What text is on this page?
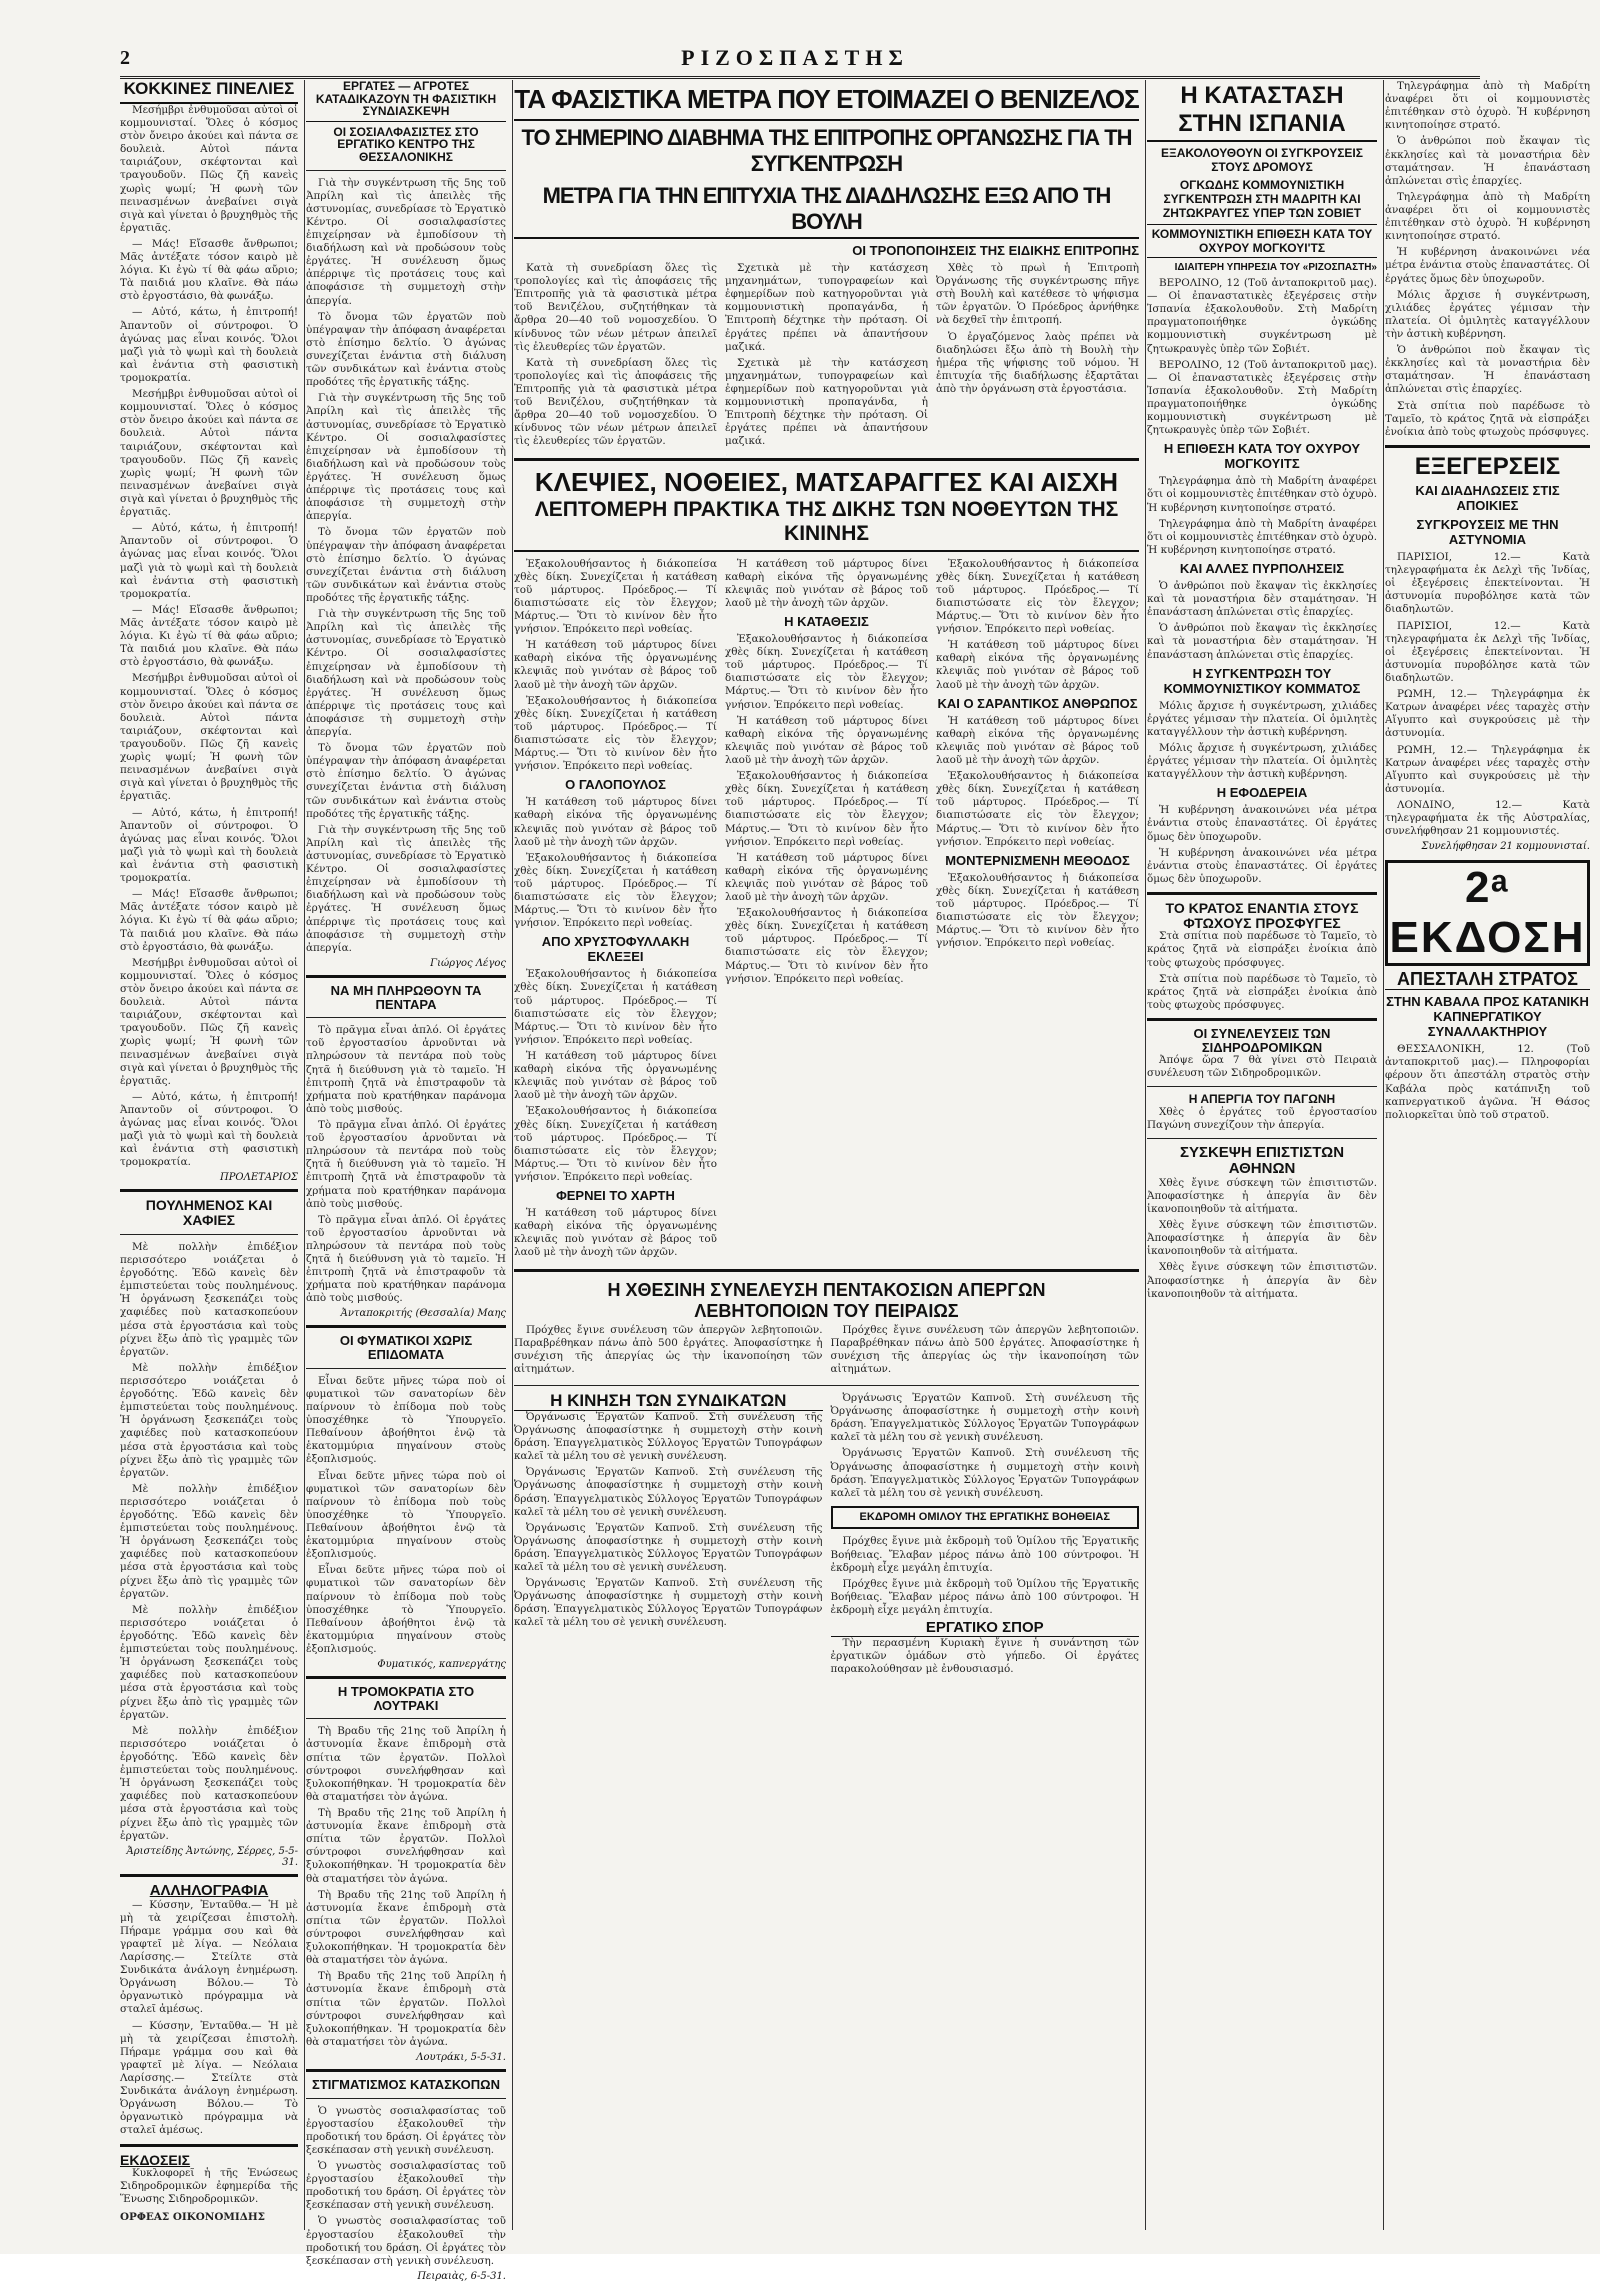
2	ΡΙΖΟΣΠΑΣΤΗΣ
ΚΟΚΚΙΝΕΣ ΠΙΝΕΛΙΕΣ

Μεσήμβρι ἐνθυμοῦσαι αὐτοὶ οἱ κομμουνισταί. Ὅλες ὁ κόσμος στὸν ὄνειρο ἀκούει καὶ πάντα σε δουλειὰ. Αὐτοὶ πάντα ταιριάζουν, σκέφτονται καὶ τραγουδοῦν. Πῶς ζῆ κανεὶς χωρὶς ψωμί; Ἡ φωνὴ τῶν πεινασμένων ἀνεβαίνει σιγὰ σιγὰ καὶ γίνεται ὁ βρυχηθμὸς τῆς ἐργατιᾶς.

— Μάς! Εἴσασθε ἄνθρωποι; Μᾶς ἀντέξατε τόσον καιρὸ μὲ λόγια. Κι ἐγὼ τί θὰ φάω αὔριο; Τὰ παιδιά μου κλαῖνε. Θὰ πάω στὸ ἐργοστάσιο, θὰ φωνάξω.

— Αὐτό, κάτω, ἡ ἐπιτροπή! Ἀπαντοῦν οἱ σύντροφοι. Ὁ ἀγώνας μας εἶναι κοινός. Ὅλοι μαζὶ γιὰ τὸ ψωμὶ καὶ τὴ δουλειὰ καὶ ἐνάντια στὴ φασιστικὴ τρομοκρατία.

Μεσήμβρι ἐνθυμοῦσαι αὐτοὶ οἱ κομμουνισταί. Ὅλες ὁ κόσμος στὸν ὄνειρο ἀκούει καὶ πάντα σε δουλειὰ. Αὐτοὶ πάντα ταιριάζουν, σκέφτονται καὶ τραγουδοῦν. Πῶς ζῆ κανεὶς χωρὶς ψωμί; Ἡ φωνὴ τῶν πεινασμένων ἀνεβαίνει σιγὰ σιγὰ καὶ γίνεται ὁ βρυχηθμὸς τῆς ἐργατιᾶς.

— Αὐτό, κάτω, ἡ ἐπιτροπή! Ἀπαντοῦν οἱ σύντροφοι. Ὁ ἀγώνας μας εἶναι κοινός. Ὅλοι μαζὶ γιὰ τὸ ψωμὶ καὶ τὴ δουλειὰ καὶ ἐνάντια στὴ φασιστικὴ τρομοκρατία.

— Μάς! Εἴσασθε ἄνθρωποι; Μᾶς ἀντέξατε τόσον καιρὸ μὲ λόγια. Κι ἐγὼ τί θὰ φάω αὔριο; Τὰ παιδιά μου κλαῖνε. Θὰ πάω στὸ ἐργοστάσιο, θὰ φωνάξω.

Μεσήμβρι ἐνθυμοῦσαι αὐτοὶ οἱ κομμουνισταί. Ὅλες ὁ κόσμος στὸν ὄνειρο ἀκούει καὶ πάντα σε δουλειὰ. Αὐτοὶ πάντα ταιριάζουν, σκέφτονται καὶ τραγουδοῦν. Πῶς ζῆ κανεὶς χωρὶς ψωμί; Ἡ φωνὴ τῶν πεινασμένων ἀνεβαίνει σιγὰ σιγὰ καὶ γίνεται ὁ βρυχηθμὸς τῆς ἐργατιᾶς.

— Αὐτό, κάτω, ἡ ἐπιτροπή! Ἀπαντοῦν οἱ σύντροφοι. Ὁ ἀγώνας μας εἶναι κοινός. Ὅλοι μαζὶ γιὰ τὸ ψωμὶ καὶ τὴ δουλειὰ καὶ ἐνάντια στὴ φασιστικὴ τρομοκρατία.

— Μάς! Εἴσασθε ἄνθρωποι; Μᾶς ἀντέξατε τόσον καιρὸ μὲ λόγια. Κι ἐγὼ τί θὰ φάω αὔριο; Τὰ παιδιά μου κλαῖνε. Θὰ πάω στὸ ἐργοστάσιο, θὰ φωνάξω.

Μεσήμβρι ἐνθυμοῦσαι αὐτοὶ οἱ κομμουνισταί. Ὅλες ὁ κόσμος στὸν ὄνειρο ἀκούει καὶ πάντα σε δουλειὰ. Αὐτοὶ πάντα ταιριάζουν, σκέφτονται καὶ τραγουδοῦν. Πῶς ζῆ κανεὶς χωρὶς ψωμί; Ἡ φωνὴ τῶν πεινασμένων ἀνεβαίνει σιγὰ σιγὰ καὶ γίνεται ὁ βρυχηθμὸς τῆς ἐργατιᾶς.

— Αὐτό, κάτω, ἡ ἐπιτροπή! Ἀπαντοῦν οἱ σύντροφοι. Ὁ ἀγώνας μας εἶναι κοινός. Ὅλοι μαζὶ γιὰ τὸ ψωμὶ καὶ τὴ δουλειὰ καὶ ἐνάντια στὴ φασιστικὴ τρομοκρατία.

ΠΡΟΛΕΤΑΡΙΟΣ
ΠΟΥΛΗΜΕΝΟΣ ΚΑΙ ΧΑΦΙΕΣ

Μὲ πολλὴν ἐπιδέξιον περισσότερο νοιάζεται ὁ ἐργοδότης. Ἐδῶ κανεὶς δὲν ἐμπιστεύεται τοὺς πουλημένους. Ἡ ὀργάνωση ξεσκεπάζει τοὺς χαφιέδες ποὺ κατασκοπεύουν μέσα στὰ ἐργοστάσια καὶ τοὺς ρίχνει ἔξω ἀπὸ τὶς γραμμὲς τῶν ἐργατῶν.

Μὲ πολλὴν ἐπιδέξιον περισσότερο νοιάζεται ὁ ἐργοδότης. Ἐδῶ κανεὶς δὲν ἐμπιστεύεται τοὺς πουλημένους. Ἡ ὀργάνωση ξεσκεπάζει τοὺς χαφιέδες ποὺ κατασκοπεύουν μέσα στὰ ἐργοστάσια καὶ τοὺς ρίχνει ἔξω ἀπὸ τὶς γραμμὲς τῶν ἐργατῶν.

Μὲ πολλὴν ἐπιδέξιον περισσότερο νοιάζεται ὁ ἐργοδότης. Ἐδῶ κανεὶς δὲν ἐμπιστεύεται τοὺς πουλημένους. Ἡ ὀργάνωση ξεσκεπάζει τοὺς χαφιέδες ποὺ κατασκοπεύουν μέσα στὰ ἐργοστάσια καὶ τοὺς ρίχνει ἔξω ἀπὸ τὶς γραμμὲς τῶν ἐργατῶν.

Μὲ πολλὴν ἐπιδέξιον περισσότερο νοιάζεται ὁ ἐργοδότης. Ἐδῶ κανεὶς δὲν ἐμπιστεύεται τοὺς πουλημένους. Ἡ ὀργάνωση ξεσκεπάζει τοὺς χαφιέδες ποὺ κατασκοπεύουν μέσα στὰ ἐργοστάσια καὶ τοὺς ρίχνει ἔξω ἀπὸ τὶς γραμμὲς τῶν ἐργατῶν.

Μὲ πολλὴν ἐπιδέξιον περισσότερο νοιάζεται ὁ ἐργοδότης. Ἐδῶ κανεὶς δὲν ἐμπιστεύεται τοὺς πουλημένους. Ἡ ὀργάνωση ξεσκεπάζει τοὺς χαφιέδες ποὺ κατασκοπεύουν μέσα στὰ ἐργοστάσια καὶ τοὺς ρίχνει ἔξω ἀπὸ τὶς γραμμὲς τῶν ἐργατῶν.

Ἀριστείδης Ἀντώνης, Σέρρες, 5-5-31.
ΑΛΛΗΛΟΓΡΑΦΙΑ

— Κύσσην, Ἐνταῦθα.— Ἡ μὲ μὴ τὰ χειρίζεσαι ἐπιστολὴ. Πήραμε γράμμα σου καὶ θὰ γραφτεῖ μὲ λίγα. — Νεόλαια Λαρίσσης.— Στείλτε στὰ Συνδικάτα ἀνάλογη ἐνημέρωση. Ὀργάνωση Βόλου.— Τὸ ὀργανωτικὸ πρόγραμμα νὰ σταλεῖ ἀμέσως.

— Κύσσην, Ἐνταῦθα.— Ἡ μὲ μὴ τὰ χειρίζεσαι ἐπιστολὴ. Πήραμε γράμμα σου καὶ θὰ γραφτεῖ μὲ λίγα. — Νεόλαια Λαρίσσης.— Στείλτε στὰ Συνδικάτα ἀνάλογη ἐνημέρωση. Ὀργάνωση Βόλου.— Τὸ ὀργανωτικὸ πρόγραμμα νὰ σταλεῖ ἀμέσως.

ΕΚΔΟΣΕΙΣ

Κυκλοφορεῖ ἡ τῆς Ἑνώσεως Σιδηροδρομικῶν ἐφημερίδα τῆς Ἕνωσης Σιδηροδρομικῶν.

ΟΡΦΕΑΣ ΟΙΚΟΝΟΜΙΔΗΣ
ΕΡΓΑΤΕΣ — ΑΓΡΟΤΕΣ ΚΑΤΑΔΙΚΑΖΟΥΝ ΤΗ ΦΑΣΙΣΤΙΚΗ ΣΥΝΔΙΑΣΚΕΨΗ
ΟΙ ΣΟΣΙΑΛΦΑΣΙΣΤΕΣ ΣΤΟ ΕΡΓΑΤΙΚΟ ΚΕΝΤΡΟ ΤΗΣ ΘΕΣΣΑΛΟΝΙΚΗΣ

Γιὰ τὴν συγκέντρωση τῆς 5ης τοῦ Ἀπρίλη καὶ τὶς ἀπειλὲς τῆς ἀστυνομίας, συνεδρίασε τὸ Ἐργατικὸ Κέντρο. Οἱ σοσιαλφασίστες ἐπιχείρησαν νὰ ἐμποδίσουν τὴ διαδήλωση καὶ νὰ προδώσουν τοὺς ἐργάτες. Ἡ συνέλευση ὅμως ἀπέρριψε τὶς προτάσεις τους καὶ ἀποφάσισε τὴ συμμετοχὴ στὴν ἀπεργία.

Τὸ ὄνομα τῶν ἐργατῶν ποὺ ὑπέγραψαν τὴν ἀπόφαση ἀναφέρεται στὸ ἐπίσημο δελτίο. Ὁ ἀγώνας συνεχίζεται ἐνάντια στὴ διάλυση τῶν συνδικάτων καὶ ἐνάντια στοὺς προδότες τῆς ἐργατικῆς τάξης.

Γιὰ τὴν συγκέντρωση τῆς 5ης τοῦ Ἀπρίλη καὶ τὶς ἀπειλὲς τῆς ἀστυνομίας, συνεδρίασε τὸ Ἐργατικὸ Κέντρο. Οἱ σοσιαλφασίστες ἐπιχείρησαν νὰ ἐμποδίσουν τὴ διαδήλωση καὶ νὰ προδώσουν τοὺς ἐργάτες. Ἡ συνέλευση ὅμως ἀπέρριψε τὶς προτάσεις τους καὶ ἀποφάσισε τὴ συμμετοχὴ στὴν ἀπεργία.

Τὸ ὄνομα τῶν ἐργατῶν ποὺ ὑπέγραψαν τὴν ἀπόφαση ἀναφέρεται στὸ ἐπίσημο δελτίο. Ὁ ἀγώνας συνεχίζεται ἐνάντια στὴ διάλυση τῶν συνδικάτων καὶ ἐνάντια στοὺς προδότες τῆς ἐργατικῆς τάξης.

Γιὰ τὴν συγκέντρωση τῆς 5ης τοῦ Ἀπρίλη καὶ τὶς ἀπειλὲς τῆς ἀστυνομίας, συνεδρίασε τὸ Ἐργατικὸ Κέντρο. Οἱ σοσιαλφασίστες ἐπιχείρησαν νὰ ἐμποδίσουν τὴ διαδήλωση καὶ νὰ προδώσουν τοὺς ἐργάτες. Ἡ συνέλευση ὅμως ἀπέρριψε τὶς προτάσεις τους καὶ ἀποφάσισε τὴ συμμετοχὴ στὴν ἀπεργία.

Τὸ ὄνομα τῶν ἐργατῶν ποὺ ὑπέγραψαν τὴν ἀπόφαση ἀναφέρεται στὸ ἐπίσημο δελτίο. Ὁ ἀγώνας συνεχίζεται ἐνάντια στὴ διάλυση τῶν συνδικάτων καὶ ἐνάντια στοὺς προδότες τῆς ἐργατικῆς τάξης.

Γιὰ τὴν συγκέντρωση τῆς 5ης τοῦ Ἀπρίλη καὶ τὶς ἀπειλὲς τῆς ἀστυνομίας, συνεδρίασε τὸ Ἐργατικὸ Κέντρο. Οἱ σοσιαλφασίστες ἐπιχείρησαν νὰ ἐμποδίσουν τὴ διαδήλωση καὶ νὰ προδώσουν τοὺς ἐργάτες. Ἡ συνέλευση ὅμως ἀπέρριψε τὶς προτάσεις τους καὶ ἀποφάσισε τὴ συμμετοχὴ στὴν ἀπεργία.

Γιώργος Λέγος
ΝΑ ΜΗ ΠΛΗΡΩΘΟΥΝ ΤΑ ΠΕΝΤΑΡΑ

Τὸ πρᾶγμα εἶναι ἁπλό. Οἱ ἐργάτες τοῦ ἐργοστασίου ἀρνοῦνται νὰ πληρώσουν τὰ πεντάρα ποὺ τοὺς ζητᾶ ἡ διεύθυνση γιὰ τὸ ταμεῖο. Ἡ ἐπιτροπὴ ζητᾶ νὰ ἐπιστραφοῦν τὰ χρήματα ποὺ κρατήθηκαν παράνομα ἀπὸ τοὺς μισθούς.

Τὸ πρᾶγμα εἶναι ἁπλό. Οἱ ἐργάτες τοῦ ἐργοστασίου ἀρνοῦνται νὰ πληρώσουν τὰ πεντάρα ποὺ τοὺς ζητᾶ ἡ διεύθυνση γιὰ τὸ ταμεῖο. Ἡ ἐπιτροπὴ ζητᾶ νὰ ἐπιστραφοῦν τὰ χρήματα ποὺ κρατήθηκαν παράνομα ἀπὸ τοὺς μισθούς.

Τὸ πρᾶγμα εἶναι ἁπλό. Οἱ ἐργάτες τοῦ ἐργοστασίου ἀρνοῦνται νὰ πληρώσουν τὰ πεντάρα ποὺ τοὺς ζητᾶ ἡ διεύθυνση γιὰ τὸ ταμεῖο. Ἡ ἐπιτροπὴ ζητᾶ νὰ ἐπιστραφοῦν τὰ χρήματα ποὺ κρατήθηκαν παράνομα ἀπὸ τοὺς μισθούς.

Ἀνταποκριτής (Θεσσαλία) Μαης
ΟΙ ΦΥΜΑΤΙΚΟΙ ΧΩΡΙΣ ΕΠΙΔΟΜΑΤΑ

Εἶναι δεῦτε μῆνες τώρα ποὺ οἱ φυματικοὶ τῶν σανατορίων δὲν παίρνουν τὸ ἐπίδομα ποὺ τοὺς ὑποσχέθηκε τὸ Ὑπουργεῖο. Πεθαίνουν ἀβοήθητοι ἐνῷ τὰ ἑκατομμύρια πηγαίνουν στοὺς ἐξοπλισμούς.

Εἶναι δεῦτε μῆνες τώρα ποὺ οἱ φυματικοὶ τῶν σανατορίων δὲν παίρνουν τὸ ἐπίδομα ποὺ τοὺς ὑποσχέθηκε τὸ Ὑπουργεῖο. Πεθαίνουν ἀβοήθητοι ἐνῷ τὰ ἑκατομμύρια πηγαίνουν στοὺς ἐξοπλισμούς.

Εἶναι δεῦτε μῆνες τώρα ποὺ οἱ φυματικοὶ τῶν σανατορίων δὲν παίρνουν τὸ ἐπίδομα ποὺ τοὺς ὑποσχέθηκε τὸ Ὑπουργεῖο. Πεθαίνουν ἀβοήθητοι ἐνῷ τὰ ἑκατομμύρια πηγαίνουν στοὺς ἐξοπλισμούς.

Φυματικός, καπνεργάτης
Η ΤΡΟΜΟΚΡΑΤΙΑ ΣΤΟ ΛΟΥΤΡΑΚΙ

Τὴ Βραδυ τῆς 21ης τοῦ Ἀπρίλη ἡ ἀστυνομία ἔκανε ἐπιδρομὴ στὰ σπίτια τῶν ἐργατῶν. Πολλοὶ σύντροφοι συνελήφθησαν καὶ ξυλοκοπήθηκαν. Ἡ τρομοκρατία δὲν θὰ σταματήσει τὸν ἀγώνα.

Τὴ Βραδυ τῆς 21ης τοῦ Ἀπρίλη ἡ ἀστυνομία ἔκανε ἐπιδρομὴ στὰ σπίτια τῶν ἐργατῶν. Πολλοὶ σύντροφοι συνελήφθησαν καὶ ξυλοκοπήθηκαν. Ἡ τρομοκρατία δὲν θὰ σταματήσει τὸν ἀγώνα.

Τὴ Βραδυ τῆς 21ης τοῦ Ἀπρίλη ἡ ἀστυνομία ἔκανε ἐπιδρομὴ στὰ σπίτια τῶν ἐργατῶν. Πολλοὶ σύντροφοι συνελήφθησαν καὶ ξυλοκοπήθηκαν. Ἡ τρομοκρατία δὲν θὰ σταματήσει τὸν ἀγώνα.

Τὴ Βραδυ τῆς 21ης τοῦ Ἀπρίλη ἡ ἀστυνομία ἔκανε ἐπιδρομὴ στὰ σπίτια τῶν ἐργατῶν. Πολλοὶ σύντροφοι συνελήφθησαν καὶ ξυλοκοπήθηκαν. Ἡ τρομοκρατία δὲν θὰ σταματήσει τὸν ἀγώνα.

Λουτράκι, 5-5-31.
ΣΤΙΓΜΑΤΙΣΜΟΣ ΚΑΤΑΣΚΟΠΩΝ

Ὁ γνωστὸς σοσιαλφασίστας τοῦ ἐργοστασίου ἐξακολουθεῖ τὴν προδοτική του δράση. Οἱ ἐργάτες τὸν ξεσκέπασαν στὴ γενικὴ συνέλευση.

Ὁ γνωστὸς σοσιαλφασίστας τοῦ ἐργοστασίου ἐξακολουθεῖ τὴν προδοτική του δράση. Οἱ ἐργάτες τὸν ξεσκέπασαν στὴ γενικὴ συνέλευση.

Ὁ γνωστὸς σοσιαλφασίστας τοῦ ἐργοστασίου ἐξακολουθεῖ τὴν προδοτική του δράση. Οἱ ἐργάτες τὸν ξεσκέπασαν στὴ γενικὴ συνέλευση.

Πειραιὰς, 6-5-31.
ΤΑ ΦΑΣΙΣΤΙΚΑ ΜΕΤΡΑ ΠΟΥ ΕΤΟΙΜΑΖΕΙ Ο ΒΕΝΙΖΕΛΟΣ
ΤΟ ΣΗΜΕΡΙΝΟ ΔΙΑΒΗΜΑ ΤΗΣ ΕΠΙΤΡΟΠΗΣ ΟΡΓΑΝΩΣΗΣ ΓΙΑ ΤΗ ΣΥΓΚΕΝΤΡΩΣΗ
ΜΕΤΡΑ ΓΙΑ ΤΗΝ ΕΠΙΤΥΧΙΑ ΤΗΣ ΔΙΑΔΗΛΩΣΗΣ ΕΞΩ ΑΠΟ ΤΗ ΒΟΥΛΗ
ΟΙ ΤΡΟΠΟΠΟΙΗΣΕΙΣ ΤΗΣ ΕΙΔΙΚΗΣ ΕΠΙΤΡΟΠΗΣ

Κατὰ τὴ συνεδρίαση ὅλες τὶς τροπολογίες καὶ τὶς ἀποφάσεις τῆς Ἐπιτροπῆς γιὰ τὰ φασιστικὰ μέτρα τοῦ Βενιζέλου, συζητήθηκαν τὰ ἄρθρα 20—40 τοῦ νομοσχεδίου. Ὁ κίνδυνος τῶν νέων μέτρων ἀπειλεῖ τὶς ἐλευθερίες τῶν ἐργατῶν.

Κατὰ τὴ συνεδρίαση ὅλες τὶς τροπολογίες καὶ τὶς ἀποφάσεις τῆς Ἐπιτροπῆς γιὰ τὰ φασιστικὰ μέτρα τοῦ Βενιζέλου, συζητήθηκαν τὰ ἄρθρα 20—40 τοῦ νομοσχεδίου. Ὁ κίνδυνος τῶν νέων μέτρων ἀπειλεῖ τὶς ἐλευθερίες τῶν ἐργατῶν.

Σχετικὰ μὲ τὴν κατάσχεση μηχανημάτων, τυπογραφείων καὶ ἐφημερίδων ποὺ κατηγοροῦνται γιὰ κομμουνιστικὴ προπαγάνδα, ἡ Ἐπιτροπὴ δέχτηκε τὴν πρόταση. Οἱ ἐργάτες πρέπει νὰ ἀπαντήσουν μαζικά.

Σχετικὰ μὲ τὴν κατάσχεση μηχανημάτων, τυπογραφείων καὶ ἐφημερίδων ποὺ κατηγοροῦνται γιὰ κομμουνιστικὴ προπαγάνδα, ἡ Ἐπιτροπὴ δέχτηκε τὴν πρόταση. Οἱ ἐργάτες πρέπει νὰ ἀπαντήσουν μαζικά.

Χθὲς τὸ πρωὶ ἡ Ἐπιτροπὴ Ὀργάνωσης τῆς συγκέντρωσης πῆγε στὴ Βουλὴ καὶ κατέθεσε τὸ ψήφισμα τῶν ἐργατῶν. Ὁ Πρόεδρος ἀρνήθηκε νὰ δεχθεῖ τὴν ἐπιτροπή.

Ὁ ἐργαζόμενος λαὸς πρέπει νὰ διαδηλώσει ἔξω ἀπὸ τὴ Βουλὴ τὴν ἡμέρα τῆς ψήφισης τοῦ νόμου. Ἡ ἐπιτυχία τῆς διαδήλωσης ἐξαρτᾶται ἀπὸ τὴν ὀργάνωση στὰ ἐργοστάσια.

ΚΛΕΨΙΕΣ, ΝΟΘΕΙΕΣ, ΜΑΤΣΑΡΑΓΓΕΣ ΚΑΙ ΑΙΣΧΗ
ΛΕΠΤΟΜΕΡΗ ΠΡΑΚΤΙΚΑ ΤΗΣ ΔΙΚΗΣ ΤΩΝ ΝΟΘΕΥΤΩΝ ΤΗΣ ΚΙΝΙΝΗΣ

Ἐξακολουθήσαντος ἡ διάκοπείσα χθὲς δίκη. Συνεχίζεται ἡ κατάθεση τοῦ μάρτυρος. Πρόεδρος.— Τί διαπιστώσατε εἰς τὸν ἔλεγχον; Μάρτυς.— Ὅτι τὸ κινίνον δὲν ἦτο γνήσιον. Ἐπρόκειτο περὶ νοθείας.

Ἡ κατάθεση τοῦ μάρτυρος δίνει καθαρὴ εἰκόνα τῆς ὀργανωμένης κλεψιᾶς ποὺ γινόταν σὲ βάρος τοῦ λαοῦ μὲ τὴν ἀνοχὴ τῶν ἀρχῶν.

Ἐξακολουθήσαντος ἡ διάκοπείσα χθὲς δίκη. Συνεχίζεται ἡ κατάθεση τοῦ μάρτυρος. Πρόεδρος.— Τί διαπιστώσατε εἰς τὸν ἔλεγχον; Μάρτυς.— Ὅτι τὸ κινίνον δὲν ἦτο γνήσιον. Ἐπρόκειτο περὶ νοθείας.

Ο ΓΑΛΟΠΟΥΛΟΣ

Ἡ κατάθεση τοῦ μάρτυρος δίνει καθαρὴ εἰκόνα τῆς ὀργανωμένης κλεψιᾶς ποὺ γινόταν σὲ βάρος τοῦ λαοῦ μὲ τὴν ἀνοχὴ τῶν ἀρχῶν.

Ἐξακολουθήσαντος ἡ διάκοπείσα χθὲς δίκη. Συνεχίζεται ἡ κατάθεση τοῦ μάρτυρος. Πρόεδρος.— Τί διαπιστώσατε εἰς τὸν ἔλεγχον; Μάρτυς.— Ὅτι τὸ κινίνον δὲν ἦτο γνήσιον. Ἐπρόκειτο περὶ νοθείας.

ΑΠΟ ΧΡΥΣΤΟΦΥΛΛΑΚΗ ΕΚΛΕΞΕΙ

Ἐξακολουθήσαντος ἡ διάκοπείσα χθὲς δίκη. Συνεχίζεται ἡ κατάθεση τοῦ μάρτυρος. Πρόεδρος.— Τί διαπιστώσατε εἰς τὸν ἔλεγχον; Μάρτυς.— Ὅτι τὸ κινίνον δὲν ἦτο γνήσιον. Ἐπρόκειτο περὶ νοθείας.

Ἡ κατάθεση τοῦ μάρτυρος δίνει καθαρὴ εἰκόνα τῆς ὀργανωμένης κλεψιᾶς ποὺ γινόταν σὲ βάρος τοῦ λαοῦ μὲ τὴν ἀνοχὴ τῶν ἀρχῶν.

Ἐξακολουθήσαντος ἡ διάκοπείσα χθὲς δίκη. Συνεχίζεται ἡ κατάθεση τοῦ μάρτυρος. Πρόεδρος.— Τί διαπιστώσατε εἰς τὸν ἔλεγχον; Μάρτυς.— Ὅτι τὸ κινίνον δὲν ἦτο γνήσιον. Ἐπρόκειτο περὶ νοθείας.

ΦΕΡΝΕΙ ΤΟ ΧΑΡΤΗ

Ἡ κατάθεση τοῦ μάρτυρος δίνει καθαρὴ εἰκόνα τῆς ὀργανωμένης κλεψιᾶς ποὺ γινόταν σὲ βάρος τοῦ λαοῦ μὲ τὴν ἀνοχὴ τῶν ἀρχῶν.

Ἡ κατάθεση τοῦ μάρτυρος δίνει καθαρὴ εἰκόνα τῆς ὀργανωμένης κλεψιᾶς ποὺ γινόταν σὲ βάρος τοῦ λαοῦ μὲ τὴν ἀνοχὴ τῶν ἀρχῶν.

Η ΚΑΤΑΘΕΣΙΣ

Ἐξακολουθήσαντος ἡ διάκοπείσα χθὲς δίκη. Συνεχίζεται ἡ κατάθεση τοῦ μάρτυρος. Πρόεδρος.— Τί διαπιστώσατε εἰς τὸν ἔλεγχον; Μάρτυς.— Ὅτι τὸ κινίνον δὲν ἦτο γνήσιον. Ἐπρόκειτο περὶ νοθείας.

Ἡ κατάθεση τοῦ μάρτυρος δίνει καθαρὴ εἰκόνα τῆς ὀργανωμένης κλεψιᾶς ποὺ γινόταν σὲ βάρος τοῦ λαοῦ μὲ τὴν ἀνοχὴ τῶν ἀρχῶν.

Ἐξακολουθήσαντος ἡ διάκοπείσα χθὲς δίκη. Συνεχίζεται ἡ κατάθεση τοῦ μάρτυρος. Πρόεδρος.— Τί διαπιστώσατε εἰς τὸν ἔλεγχον; Μάρτυς.— Ὅτι τὸ κινίνον δὲν ἦτο γνήσιον. Ἐπρόκειτο περὶ νοθείας.

Ἡ κατάθεση τοῦ μάρτυρος δίνει καθαρὴ εἰκόνα τῆς ὀργανωμένης κλεψιᾶς ποὺ γινόταν σὲ βάρος τοῦ λαοῦ μὲ τὴν ἀνοχὴ τῶν ἀρχῶν.

Ἐξακολουθήσαντος ἡ διάκοπείσα χθὲς δίκη. Συνεχίζεται ἡ κατάθεση τοῦ μάρτυρος. Πρόεδρος.— Τί διαπιστώσατε εἰς τὸν ἔλεγχον; Μάρτυς.— Ὅτι τὸ κινίνον δὲν ἦτο γνήσιον. Ἐπρόκειτο περὶ νοθείας.

Ἐξακολουθήσαντος ἡ διάκοπείσα χθὲς δίκη. Συνεχίζεται ἡ κατάθεση τοῦ μάρτυρος. Πρόεδρος.— Τί διαπιστώσατε εἰς τὸν ἔλεγχον; Μάρτυς.— Ὅτι τὸ κινίνον δὲν ἦτο γνήσιον. Ἐπρόκειτο περὶ νοθείας.

Ἡ κατάθεση τοῦ μάρτυρος δίνει καθαρὴ εἰκόνα τῆς ὀργανωμένης κλεψιᾶς ποὺ γινόταν σὲ βάρος τοῦ λαοῦ μὲ τὴν ἀνοχὴ τῶν ἀρχῶν.

ΚΑΙ Ο ΣΑΡΑΝΤΙΚΟΣ ΑΝΘΡΩΠΟΣ

Ἡ κατάθεση τοῦ μάρτυρος δίνει καθαρὴ εἰκόνα τῆς ὀργανωμένης κλεψιᾶς ποὺ γινόταν σὲ βάρος τοῦ λαοῦ μὲ τὴν ἀνοχὴ τῶν ἀρχῶν.

Ἐξακολουθήσαντος ἡ διάκοπείσα χθὲς δίκη. Συνεχίζεται ἡ κατάθεση τοῦ μάρτυρος. Πρόεδρος.— Τί διαπιστώσατε εἰς τὸν ἔλεγχον; Μάρτυς.— Ὅτι τὸ κινίνον δὲν ἦτο γνήσιον. Ἐπρόκειτο περὶ νοθείας.

ΜΟΝΤΕΡΝΙΣΜΕΝΗ ΜΕΘΟΔΟΣ

Ἐξακολουθήσαντος ἡ διάκοπείσα χθὲς δίκη. Συνεχίζεται ἡ κατάθεση τοῦ μάρτυρος. Πρόεδρος.— Τί διαπιστώσατε εἰς τὸν ἔλεγχον; Μάρτυς.— Ὅτι τὸ κινίνον δὲν ἦτο γνήσιον. Ἐπρόκειτο περὶ νοθείας.

Η ΧΘΕΣΙΝΗ ΣΥΝΕΛΕΥΣΗ ΠΕΝΤΑΚΟΣΙΩΝ ΑΠΕΡΓΩΝ ΛΕΒΗΤΟΠΟΙΩΝ ΤΟΥ ΠΕΙΡΑΙΩΣ

Πρόχθες ἔγινε συνέλευση τῶν ἀπεργῶν λεβητοποιῶν. Παραβρέθηκαν πάνω ἀπὸ 500 ἐργάτες. Ἀποφασίστηκε ἡ συνέχιση τῆς ἀπεργίας ὡς τὴν ἱκανοποίηση τῶν αἰτημάτων.

Πρόχθες ἔγινε συνέλευση τῶν ἀπεργῶν λεβητοποιῶν. Παραβρέθηκαν πάνω ἀπὸ 500 ἐργάτες. Ἀποφασίστηκε ἡ συνέχιση τῆς ἀπεργίας ὡς τὴν ἱκανοποίηση τῶν αἰτημάτων.

Η ΚΙΝΗΣΗ ΤΩΝ ΣΥΝΔΙΚΑΤΩΝ

Ὀργάνωσις Ἐργατῶν Καπνοῦ. Στὴ συνέλευση τῆς Ὀργάνωσης ἀποφασίστηκε ἡ συμμετοχὴ στὴν κοινὴ δράση. Ἐπαγγελματικὸς Σύλλογος Ἐργατῶν Τυπογράφων καλεῖ τὰ μέλη του σὲ γενικὴ συνέλευση.

Ὀργάνωσις Ἐργατῶν Καπνοῦ. Στὴ συνέλευση τῆς Ὀργάνωσης ἀποφασίστηκε ἡ συμμετοχὴ στὴν κοινὴ δράση. Ἐπαγγελματικὸς Σύλλογος Ἐργατῶν Τυπογράφων καλεῖ τὰ μέλη του σὲ γενικὴ συνέλευση.

Ὀργάνωσις Ἐργατῶν Καπνοῦ. Στὴ συνέλευση τῆς Ὀργάνωσης ἀποφασίστηκε ἡ συμμετοχὴ στὴν κοινὴ δράση. Ἐπαγγελματικὸς Σύλλογος Ἐργατῶν Τυπογράφων καλεῖ τὰ μέλη του σὲ γενικὴ συνέλευση.

Ὀργάνωσις Ἐργατῶν Καπνοῦ. Στὴ συνέλευση τῆς Ὀργάνωσης ἀποφασίστηκε ἡ συμμετοχὴ στὴν κοινὴ δράση. Ἐπαγγελματικὸς Σύλλογος Ἐργατῶν Τυπογράφων καλεῖ τὰ μέλη του σὲ γενικὴ συνέλευση.

Ὀργάνωσις Ἐργατῶν Καπνοῦ. Στὴ συνέλευση τῆς Ὀργάνωσης ἀποφασίστηκε ἡ συμμετοχὴ στὴν κοινὴ δράση. Ἐπαγγελματικὸς Σύλλογος Ἐργατῶν Τυπογράφων καλεῖ τὰ μέλη του σὲ γενικὴ συνέλευση.

Ὀργάνωσις Ἐργατῶν Καπνοῦ. Στὴ συνέλευση τῆς Ὀργάνωσης ἀποφασίστηκε ἡ συμμετοχὴ στὴν κοινὴ δράση. Ἐπαγγελματικὸς Σύλλογος Ἐργατῶν Τυπογράφων καλεῖ τὰ μέλη του σὲ γενικὴ συνέλευση.

ΕΚΔΡΟΜΗ ΟΜΙΛΟΥ ΤΗΣ ΕΡΓΑΤΙΚΗΣ ΒΟΗΘΕΙΑΣ

Πρόχθες ἔγινε μιὰ ἐκδρομὴ τοῦ Ὁμίλου τῆς Ἐργατικῆς Βοήθειας. Ἔλαβαν μέρος πάνω ἀπὸ 100 σύντροφοι. Ἡ ἐκδρομὴ εἶχε μεγάλη ἐπιτυχία.

Πρόχθες ἔγινε μιὰ ἐκδρομὴ τοῦ Ὁμίλου τῆς Ἐργατικῆς Βοήθειας. Ἔλαβαν μέρος πάνω ἀπὸ 100 σύντροφοι. Ἡ ἐκδρομὴ εἶχε μεγάλη ἐπιτυχία.

ΕΡΓΑΤΙΚΟ ΣΠΟΡ

Τὴν περασμένη Κυριακὴ ἔγινε ἡ συνάντηση τῶν ἐργατικῶν ὁμάδων στὸ γήπεδο. Οἱ ἐργάτες παρακολούθησαν μὲ ἐνθουσιασμό.

Η ΚΑΤΑΣΤΑΣΗ ΣΤΗΝ ΙΣΠΑΝΙΑ
ΕΞΑΚΟΛΟΥΘΟΥΝ ΟΙ ΣΥΓΚΡΟΥΣΕΙΣ ΣΤΟΥΣ ΔΡΟΜΟΥΣ
ΟΓΚΩΔΗΣ ΚΟΜΜΟΥΝΙΣΤΙΚΗ ΣΥΓΚΕΝΤΡΩΣΗ ΣΤΗ ΜΑΔΡΙΤΗ ΚΑΙ ΖΗΤΩΚΡΑΥΓΕΣ ΥΠΕΡ ΤΩΝ ΣΟΒΙΕΤ
ΚΟΜΜΟΥΝΙΣΤΙΚΗ ΕΠΙΘΕΣΗ ΚΑΤΑ ΤΟΥ ΟΧΥΡΟΥ ΜΟΓΚΟΥΙ'ΤΣ
ΙΔΙΑΙΤΕΡΗ ΥΠΗΡΕΣΙΑ ΤΟΥ «ΡΙΖΟΣΠΑΣΤΗ»

ΒΕΡΟΛΙΝΟ, 12 (Τοῦ ἀνταποκριτοῦ μας).— Οἱ ἐπαναστατικὲς ἐξεγέρσεις στὴν Ἰσπανία ἐξακολουθοῦν. Στὴ Μαδρίτη πραγματοποιήθηκε ὀγκώδης κομμουνιστικὴ συγκέντρωση μὲ ζητωκραυγὲς ὑπὲρ τῶν Σοβιέτ.

ΒΕΡΟΛΙΝΟ, 12 (Τοῦ ἀνταποκριτοῦ μας).— Οἱ ἐπαναστατικὲς ἐξεγέρσεις στὴν Ἰσπανία ἐξακολουθοῦν. Στὴ Μαδρίτη πραγματοποιήθηκε ὀγκώδης κομμουνιστικὴ συγκέντρωση μὲ ζητωκραυγὲς ὑπὲρ τῶν Σοβιέτ.

Η ΕΠΙΘΕΣΗ ΚΑΤΑ ΤΟΥ ΟΧΥΡΟΥ ΜΟΓΚΟΥΙΤΣ

Τηλεγράφημα ἀπὸ τὴ Μαδρίτη ἀναφέρει ὅτι οἱ κομμουνιστὲς ἐπιτέθηκαν στὸ ὀχυρὸ. Ἡ κυβέρνηση κινητοποίησε στρατό.

Τηλεγράφημα ἀπὸ τὴ Μαδρίτη ἀναφέρει ὅτι οἱ κομμουνιστὲς ἐπιτέθηκαν στὸ ὀχυρὸ. Ἡ κυβέρνηση κινητοποίησε στρατό.

ΚΑΙ ΑΛΛΕΣ ΠΥΡΠΟΛΗΣΕΙΣ

Ὁ ἀνθρώποι ποὺ ἔκαψαν τὶς ἐκκλησίες καὶ τὰ μοναστήρια δὲν σταμάτησαν. Ἡ ἐπανάσταση ἁπλώνεται στὶς ἐπαρχίες.

Ὁ ἀνθρώποι ποὺ ἔκαψαν τὶς ἐκκλησίες καὶ τὰ μοναστήρια δὲν σταμάτησαν. Ἡ ἐπανάσταση ἁπλώνεται στὶς ἐπαρχίες.

Η ΣΥΓΚΕΝΤΡΩΣΗ ΤΟΥ ΚΟΜΜΟΥΝΙΣΤΙΚΟΥ ΚΟΜΜΑΤΟΣ

Μόλις ἄρχισε ἡ συγκέντρωση, χιλιάδες ἐργάτες γέμισαν τὴν πλατεία. Οἱ ὁμιλητὲς καταγγέλλουν τὴν ἀστικὴ κυβέρνηση.

Μόλις ἄρχισε ἡ συγκέντρωση, χιλιάδες ἐργάτες γέμισαν τὴν πλατεία. Οἱ ὁμιλητὲς καταγγέλλουν τὴν ἀστικὴ κυβέρνηση.

Η ΕΦΟΔΕΡΕΙΑ

Ἡ κυβέρνηση ἀνακοινώνει νέα μέτρα ἐνάντια στοὺς ἐπαναστάτες. Οἱ ἐργάτες ὅμως δὲν ὑποχωροῦν.

Ἡ κυβέρνηση ἀνακοινώνει νέα μέτρα ἐνάντια στοὺς ἐπαναστάτες. Οἱ ἐργάτες ὅμως δὲν ὑποχωροῦν.

ΤΟ ΚΡΑΤΟΣ ΕΝΑΝΤΙΑ ΣΤΟΥΣ ΦΤΩΧΟΥΣ ΠΡΟΣΦΥΓΕΣ

Στὰ σπίτια ποὺ παρέδωσε τὸ Ταμεῖο, τὸ κράτος ζητᾶ νὰ εἰσπράξει ἐνοίκια ἀπὸ τοὺς φτωχοὺς πρόσφυγες.

Στὰ σπίτια ποὺ παρέδωσε τὸ Ταμεῖο, τὸ κράτος ζητᾶ νὰ εἰσπράξει ἐνοίκια ἀπὸ τοὺς φτωχοὺς πρόσφυγες.

ΟΙ ΣΥΝΕΛΕΥΣΕΙΣ ΤΩΝ ΣΙΔΗΡΟΔΡΟΜΙΚΩΝ

Ἀπόψε ὥρα 7 θὰ γίνει στὸ Πειραιὰ συνέλευση τῶν Σιδηροδρομικῶν.

Η ΑΠΕΡΓΙΑ ΤΟΥ ΠΑΓΩΝΗ

Χθὲς ὁ ἐργάτες τοῦ ἐργοστασίου Παγώνη συνεχίζουν τὴν ἀπεργία.

ΣΥΣΚΕΨΗ ΕΠΙΣΤΙΣΤΩΝ ΑΘΗΝΩΝ

Χθὲς ἔγινε σύσκεψη τῶν ἐπισιτιστῶν. Ἀποφασίστηκε ἡ ἀπεργία ἂν δὲν ἱκανοποιηθοῦν τὰ αἰτήματα.

Χθὲς ἔγινε σύσκεψη τῶν ἐπισιτιστῶν. Ἀποφασίστηκε ἡ ἀπεργία ἂν δὲν ἱκανοποιηθοῦν τὰ αἰτήματα.

Χθὲς ἔγινε σύσκεψη τῶν ἐπισιτιστῶν. Ἀποφασίστηκε ἡ ἀπεργία ἂν δὲν ἱκανοποιηθοῦν τὰ αἰτήματα.

Τηλεγράφημα ἀπὸ τὴ Μαδρίτη ἀναφέρει ὅτι οἱ κομμουνιστὲς ἐπιτέθηκαν στὸ ὀχυρὸ. Ἡ κυβέρνηση κινητοποίησε στρατό.

Ὁ ἀνθρώποι ποὺ ἔκαψαν τὶς ἐκκλησίες καὶ τὰ μοναστήρια δὲν σταμάτησαν. Ἡ ἐπανάσταση ἁπλώνεται στὶς ἐπαρχίες.

Τηλεγράφημα ἀπὸ τὴ Μαδρίτη ἀναφέρει ὅτι οἱ κομμουνιστὲς ἐπιτέθηκαν στὸ ὀχυρὸ. Ἡ κυβέρνηση κινητοποίησε στρατό.

Ἡ κυβέρνηση ἀνακοινώνει νέα μέτρα ἐνάντια στοὺς ἐπαναστάτες. Οἱ ἐργάτες ὅμως δὲν ὑποχωροῦν.

Μόλις ἄρχισε ἡ συγκέντρωση, χιλιάδες ἐργάτες γέμισαν τὴν πλατεία. Οἱ ὁμιλητὲς καταγγέλλουν τὴν ἀστικὴ κυβέρνηση.

Ὁ ἀνθρώποι ποὺ ἔκαψαν τὶς ἐκκλησίες καὶ τὰ μοναστήρια δὲν σταμάτησαν. Ἡ ἐπανάσταση ἁπλώνεται στὶς ἐπαρχίες.

Στὰ σπίτια ποὺ παρέδωσε τὸ Ταμεῖο, τὸ κράτος ζητᾶ νὰ εἰσπράξει ἐνοίκια ἀπὸ τοὺς φτωχοὺς πρόσφυγες.

ΕΞΕΓΕΡΣΕΙΣ
ΚΑΙ ΔΙΑΔΗΛΩΣΕΙΣ ΣΤΙΣ ΑΠΟΙΚΙΕΣ
ΣΥΓΚΡΟΥΣΕΙΣ ΜΕ ΤΗΝ ΑΣΤΥΝΟΜΙΑ

ΠΑΡΙΣΙΟΙ, 12.— Κατὰ τηλεγραφήματα ἐκ Δελχὶ τῆς Ἰνδίας, οἱ ἐξεγέρσεις ἐπεκτείνονται. Ἡ ἀστυνομία πυροβόλησε κατὰ τῶν διαδηλωτῶν.

ΠΑΡΙΣΙΟΙ, 12.— Κατὰ τηλεγραφήματα ἐκ Δελχὶ τῆς Ἰνδίας, οἱ ἐξεγέρσεις ἐπεκτείνονται. Ἡ ἀστυνομία πυροβόλησε κατὰ τῶν διαδηλωτῶν.

ΡΩΜΗ, 12.— Τηλεγράφημα ἐκ Κατρων ἀναφέρει νέες ταραχὲς στὴν Αἴγυπτο καὶ συγκρούσεις μὲ τὴν ἀστυνομία.

ΡΩΜΗ, 12.— Τηλεγράφημα ἐκ Κατρων ἀναφέρει νέες ταραχὲς στὴν Αἴγυπτο καὶ συγκρούσεις μὲ τὴν ἀστυνομία.

ΛΟΝΔΙΝΟ, 12.— Κατὰ τηλεγραφήματα ἐκ τῆς Αὐστραλίας, συνελήφθησαν 21 κομμουνιστές.

Συνελήφθησαν 21 κομμουνισταί.
2ᵃ ΕΚΔΟΣΗ
ΑΠΕΣΤΑΛΗ ΣΤΡΑΤΟΣ
ΣΤΗΝ ΚΑΒΑΛΑ ΠΡΟΣ ΚΑΤΑΝΙΚΗ ΚΑΠΝΕΡΓΑΤΙΚΟΥ ΣΥΝΑΛΛΑΚΤΗΡΙΟΥ

ΘΕΣΣΑΛΟΝΙΚΗ, 12. (Τοῦ ἀνταποκριτοῦ μας).— Πληροφορίαι φέρουν ὅτι ἀπεστάλη στρατὸς στὴν Καβάλα πρὸς κατάπνιξη τοῦ καπνεργατικοῦ ἀγῶνα. Ἡ Θάσος πολιορκεῖται ὑπὸ τοῦ στρατοῦ.
